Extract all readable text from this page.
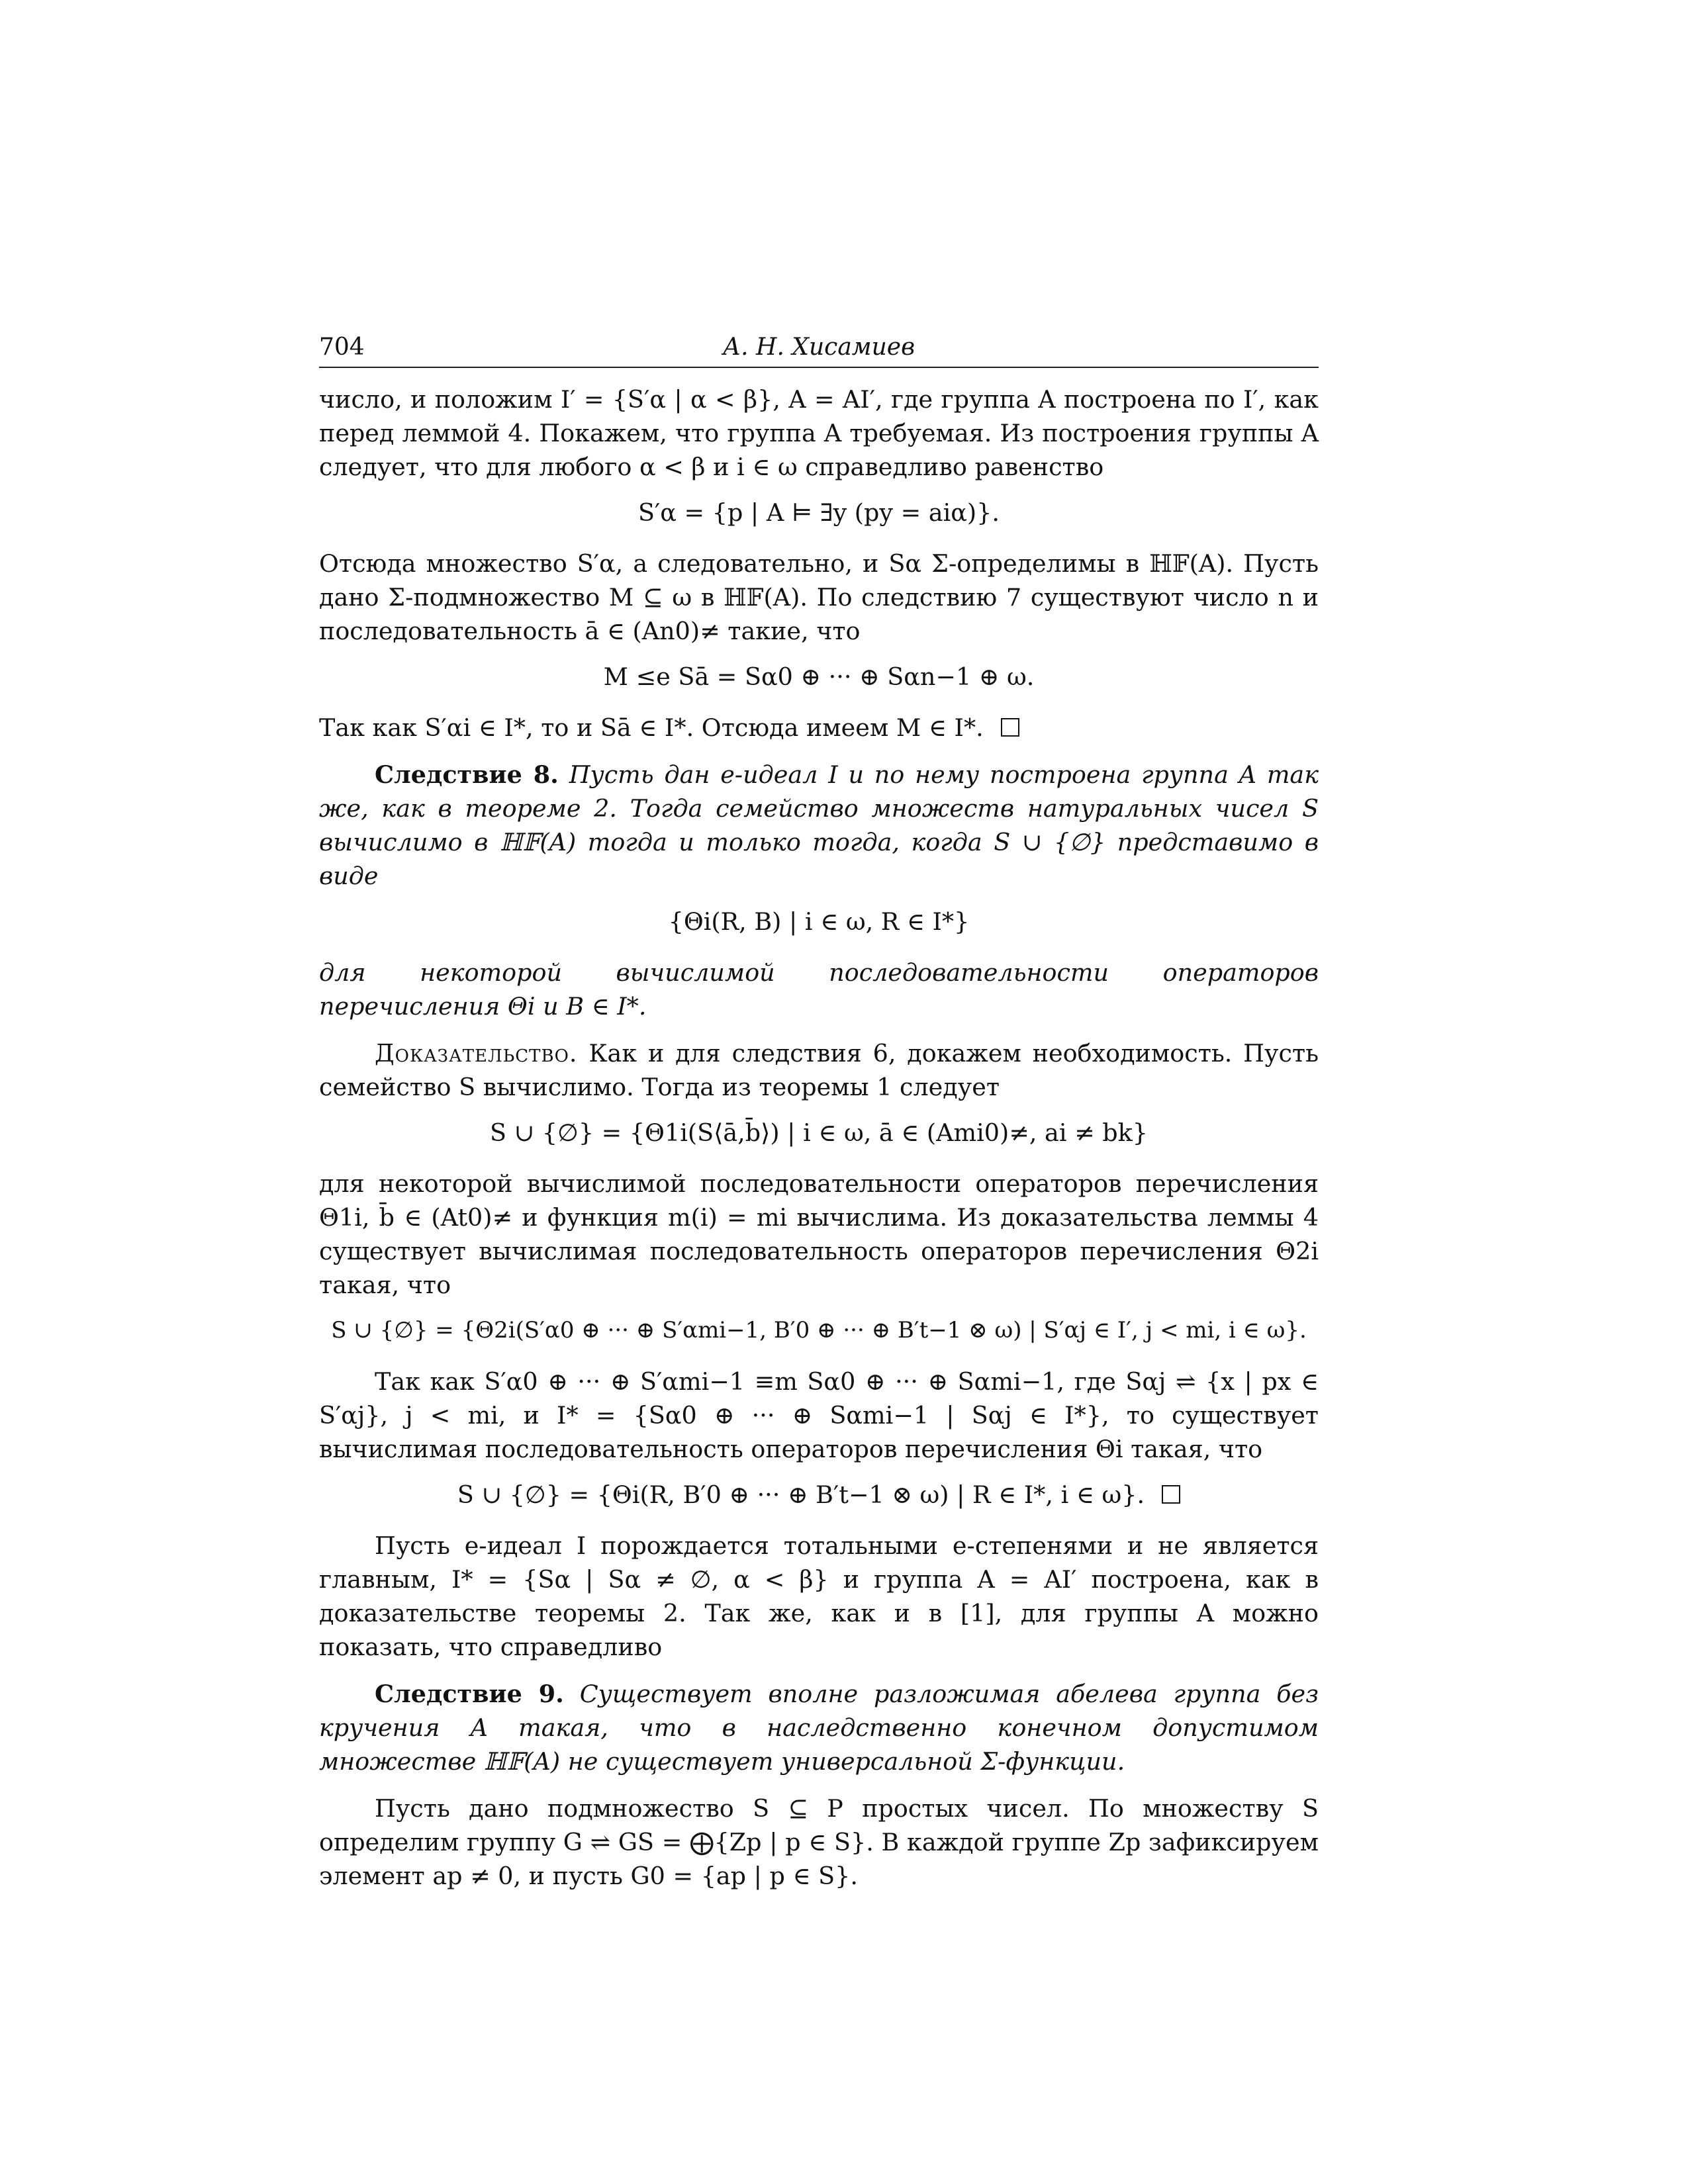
704	А. Н. Хисамиев

число, и положим I′ = {S′α | α < β}, A = AI′, где группа A построена по I′, как перед леммой 4. Покажем, что группа A требуемая. Из построения группы A следует, что для любого α < β и i ∈ ω справедливо равенство

S′α = {p | A ⊨ ∃y (py = aiα)}.

Отсюда множество S′α, а следовательно, и Sα Σ-определимы в ℍ𝔽(A). Пусть дано Σ-подмножество M ⊆ ω в ℍ𝔽(A). По следствию 7 существуют число n и последовательность ā ∈ (An0)≠ такие, что

M ≤e Sā = Sα0 ⊕ ··· ⊕ Sαn−1 ⊕ ω.

Так как S′αi ∈ I*, то и Sā ∈ I*. Отсюда имеем M ∈ I*.

Следствие 8. Пусть дан e-идеал I и по нему построена группа A так же, как в теореме 2. Тогда семейство множеств натуральных чисел S вычислимо в ℍ𝔽(A) тогда и только тогда, когда S ∪ {∅} представимо в виде

{Θi(R, B) | i ∈ ω, R ∈ I*}

для некоторой вычислимой последовательности операторов перечисления Θi и B ∈ I*.

Доказательство. Как и для следствия 6, докажем необходимость. Пусть семейство S вычислимо. Тогда из теоремы 1 следует

S ∪ {∅} = {Θ1i(S⟨ā,b̄⟩) | i ∈ ω, ā ∈ (Ami0)≠, ai ≠ bk}

для некоторой вычислимой последовательности операторов перечисления Θ1i, b̄ ∈ (At0)≠ и функция m(i) = mi вычислима. Из доказательства леммы 4 существует вычислимая последовательность операторов перечисления Θ2i такая, что

S ∪ {∅} = {Θ2i(S′α0 ⊕ ··· ⊕ S′αmi−1, B′0 ⊕ ··· ⊕ B′t−1 ⊗ ω) | S′αj ∈ I′, j < mi, i ∈ ω}.

Так как S′α0 ⊕ ··· ⊕ S′αmi−1 ≡m Sα0 ⊕ ··· ⊕ Sαmi−1, где Sαj ⇌ {x | px ∈ S′αj}, j < mi, и I* = {Sα0 ⊕ ··· ⊕ Sαmi−1 | Sαj ∈ I*}, то существует вычислимая последовательность операторов перечисления Θi такая, что

S ∪ {∅} = {Θi(R, B′0 ⊕ ··· ⊕ B′t−1 ⊗ ω) | R ∈ I*, i ∈ ω}.

Пусть e-идеал I порождается тотальными e-степенями и не является главным, I* = {Sα | Sα ≠ ∅, α < β} и группа A = AI′ построена, как в доказательстве теоремы 2. Так же, как и в [1], для группы A можно показать, что справедливо

Следствие 9. Существует вполне разложимая абелева группа без кручения A такая, что в наследственно конечном допустимом множестве ℍ𝔽(A) не существует универсальной Σ-функции.

Пусть дано подмножество S ⊆ P простых чисел. По множеству S определим группу G ⇌ GS = ⨁{Zp | p ∈ S}. В каждой группе Zp зафиксируем элемент ap ≠ 0, и пусть G0 = {ap | p ∈ S}.
